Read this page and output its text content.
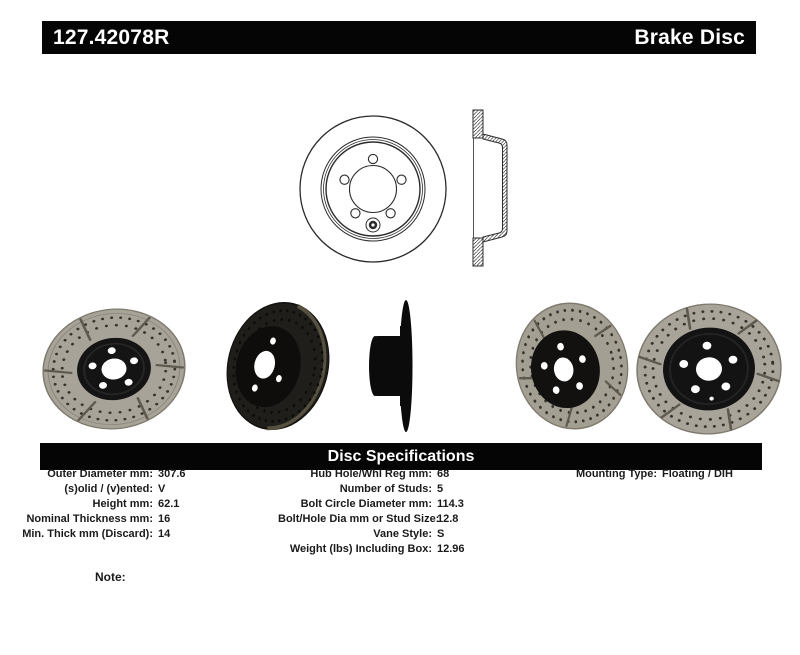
127.42078R	Brake Disc
Disc Specifications
Outer Diameter mm: 307.6
(s)olid / (v)ented: V
Height mm: 62.1
Nominal Thickness mm: 16
Min. Thick mm (Discard): 14
Hub Hole/Whl Reg mm: 68
Number of Studs: 5
Bolt Circle Diameter mm: 114.3
Bolt/Hole Dia mm or Stud Size:
12.8
Vane Style: S
Weight (lbs) Including Box: 12.96
Mounting Type: Floating / DIH
Note:
